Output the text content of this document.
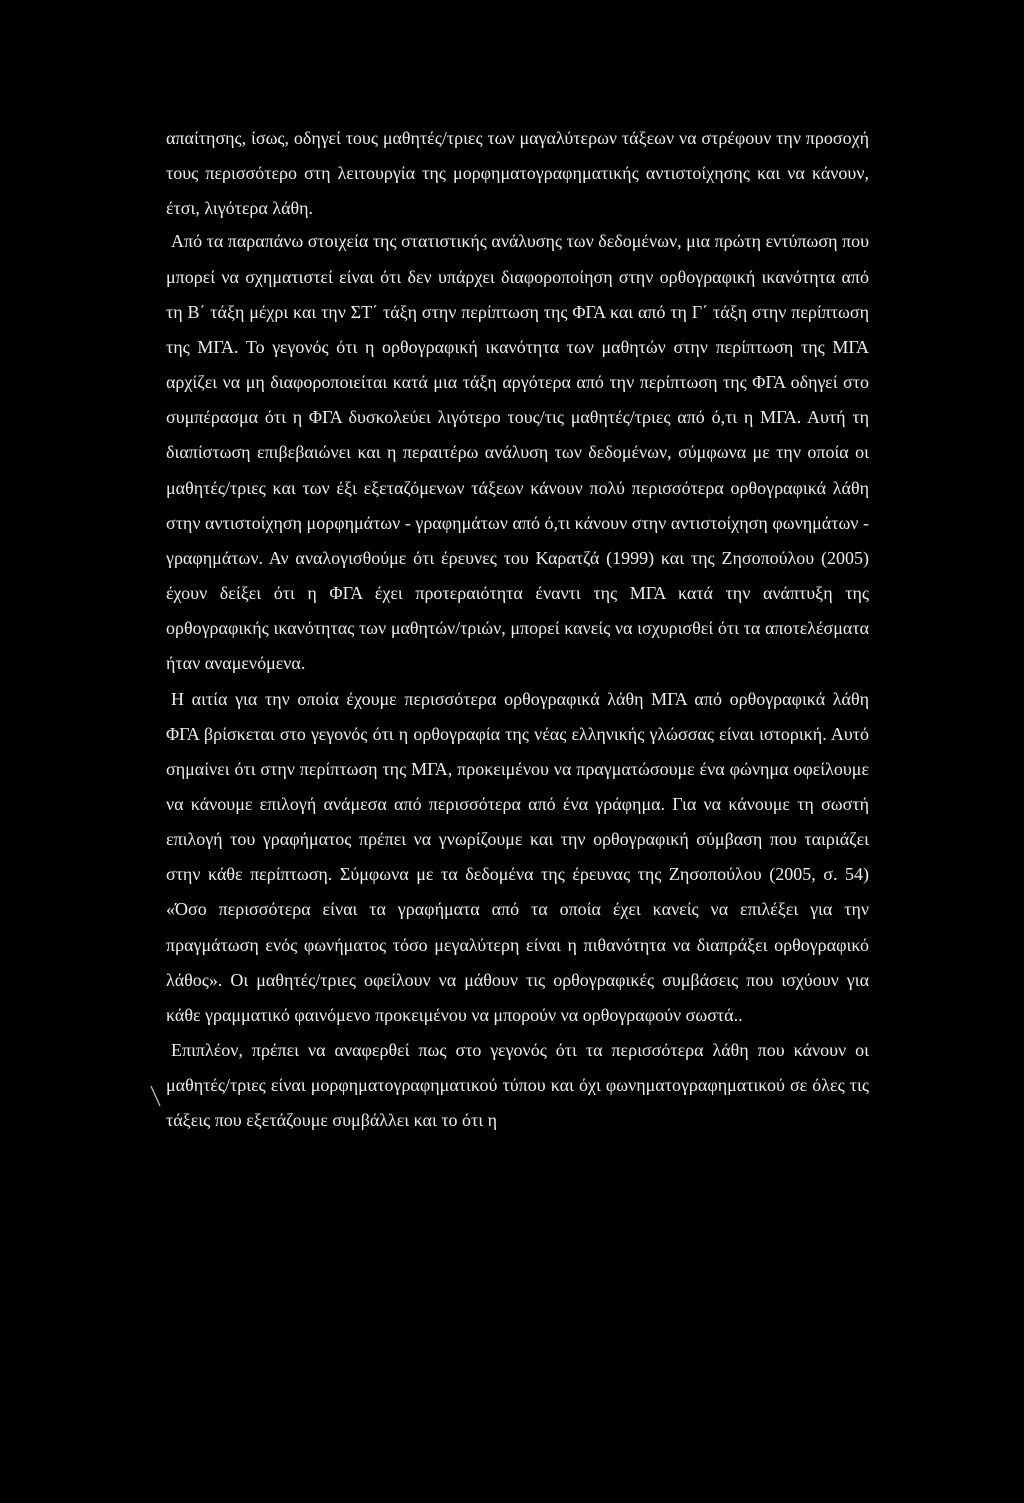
απαίτησης, ίσως, οδηγεί τους μαθητές/τριες των μαγαλύτερων τάξεων να στρέφουν την προσοχή τους περισσότερο στη λειτουργία της μορφηματογραφηματικής αντιστοίχησης και να κάνουν, έτσι, λιγότερα λάθη.

Από τα παραπάνω στοιχεία της στατιστικής ανάλυσης των δεδομένων, μια πρώτη εντύπωση που μπορεί να σχηματιστεί είναι ότι δεν υπάρχει διαφοροποίηση στην ορθογραφική ικανότητα από τη Β΄ τάξη μέχρι και την ΣΤ΄ τάξη στην περίπτωση της ΦΓΑ και από τη Γ΄ τάξη στην περίπτωση της ΜΓΑ. Το γεγονός ότι η ορθογραφική ικανότητα των μαθητών στην περίπτωση της ΜΓΑ αρχίζει να μη διαφοροποιείται κατά μια τάξη αργότερα από την περίπτωση της ΦΓΑ οδηγεί στο συμπέρασμα ότι η ΦΓΑ δυσκολεύει λιγότερο τους/τις μαθητές/τριες από ό,τι η ΜΓΑ. Αυτή τη διαπίστωση επιβεβαιώνει και η περαιτέρω ανάλυση των δεδομένων, σύμφωνα με την οποία οι μαθητές/τριες και των έξι εξεταζόμενων τάξεων κάνουν πολύ περισσότερα ορθογραφικά λάθη στην αντιστοίχηση μορφημάτων - γραφημάτων από ό,τι κάνουν στην αντιστοίχηση φωνημάτων - γραφημάτων. Αν αναλογισθούμε ότι έρευνες του Καρατζά (1999) και της Ζησοπούλου (2005) έχουν δείξει ότι η ΦΓΑ έχει προτεραιότητα έναντι της ΜΓΑ κατά την ανάπτυξη της ορθογραφικής ικανότητας των μαθητών/τριών, μπορεί κανείς να ισχυρισθεί ότι τα αποτελέσματα ήταν αναμενόμενα.

Η αιτία για την οποία έχουμε περισσότερα ορθογραφικά λάθη ΜΓΑ από ορθογραφικά λάθη ΦΓΑ βρίσκεται στο γεγονός ότι η ορθογραφία της νέας ελληνικής γλώσσας είναι ιστορική. Αυτό σημαίνει ότι στην περίπτωση της ΜΓΑ, προκειμένου να πραγματώσουμε ένα φώνημα οφείλουμε να κάνουμε επιλογή ανάμεσα από περισσότερα από ένα γράφημα. Για να κάνουμε τη σωστή επιλογή του γραφήματος πρέπει να γνωρίζουμε και την ορθογραφική σύμβαση που ταιριάζει στην κάθε περίπτωση. Σύμφωνα με τα δεδομένα της έρευνας της Ζησοπούλου (2005, σ. 54) «Όσο περισσότερα είναι τα γραφήματα από τα οποία έχει κανείς να επιλέξει για την πραγμάτωση ενός φωνήματος τόσο μεγαλύτερη είναι η πιθανότητα να διαπράξει ορθογραφικό λάθος». Οι μαθητές/τριες οφείλουν να μάθουν τις ορθογραφικές συμβάσεις που ισχύουν για κάθε γραμματικό φαινόμενο προκειμένου να μπορούν να ορθογραφούν σωστά..

Επιπλέον, πρέπει να αναφερθεί πως στο γεγονός ότι τα περισσότερα λάθη που κάνουν οι μαθητές/τριες είναι μορφηματογραφηματικού τύπου και όχι φωνηματογραφηματικού σε όλες τις τάξεις που εξετάζουμε συμβάλλει και το ότι η
